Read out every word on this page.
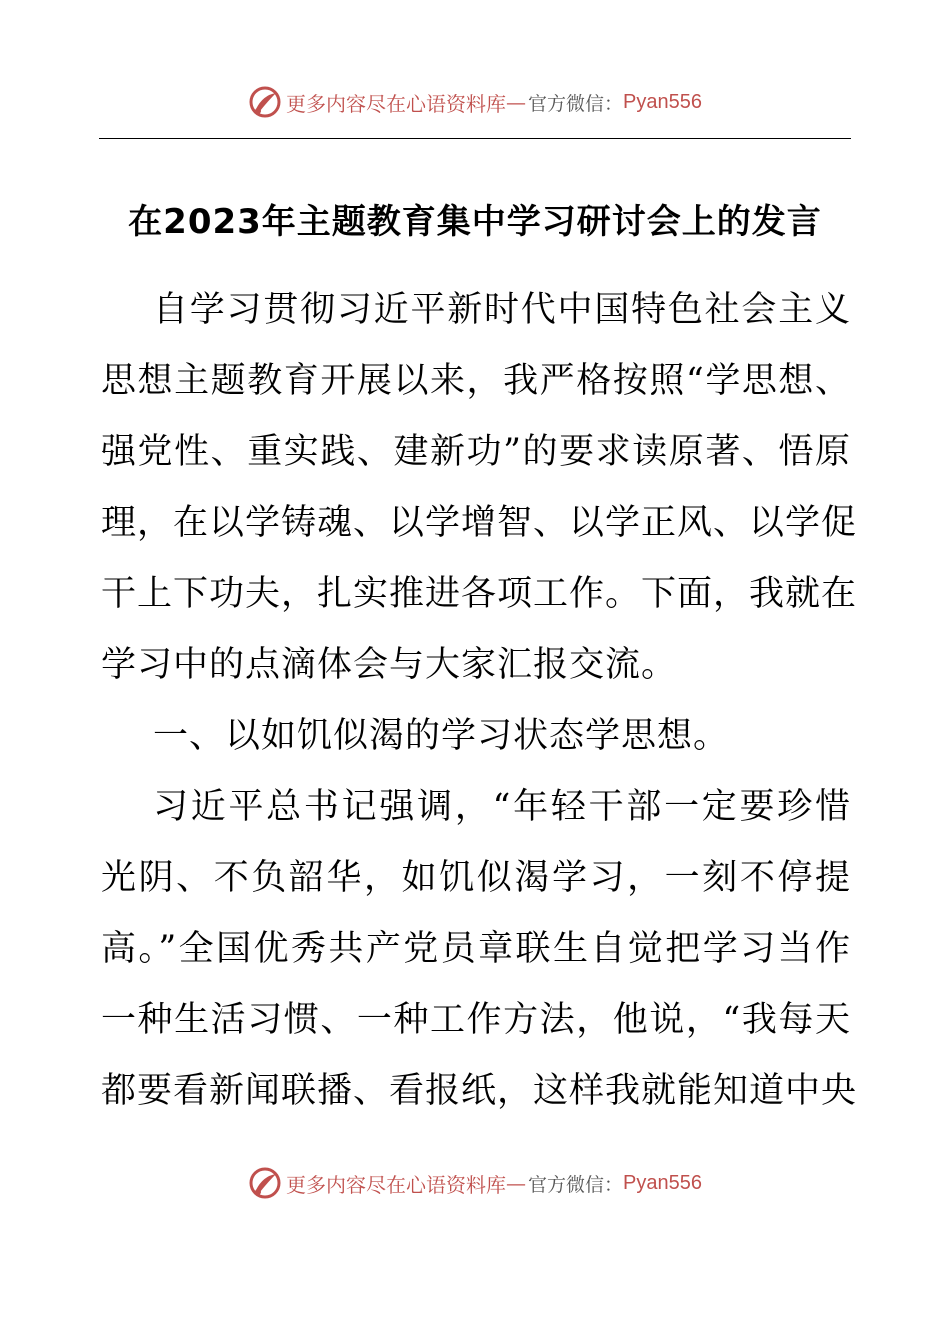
更多内容尽在心语资料库 — 官方微信： Pyan556
在2023年主题教育集中学习研讨会上的发言
自学习贯彻习近平新时代中国特色社会主义
思想主题教育开展以来，我严格按照“学思想、
强党性、重实践、建新功”的要求读原著、悟原
理，在以学铸魂、以学增智、以学正风、以学促
干上下功夫，扎实推进各项工作。下面，我就在
学习中的点滴体会与大家汇报交流。
一、以如饥似渴的学习状态学思想。
习近平总书记强调，“年轻干部一定要珍惜
光阴、不负韶华，如饥似渴学习，一刻不停提
高。”全国优秀共产党员章联生自觉把学习当作
一种生活习惯、一种工作方法，他说，“我每天
都要看新闻联播、看报纸，这样我就能知道中央
更多内容尽在心语资料库 — 官方微信： Pyan556
